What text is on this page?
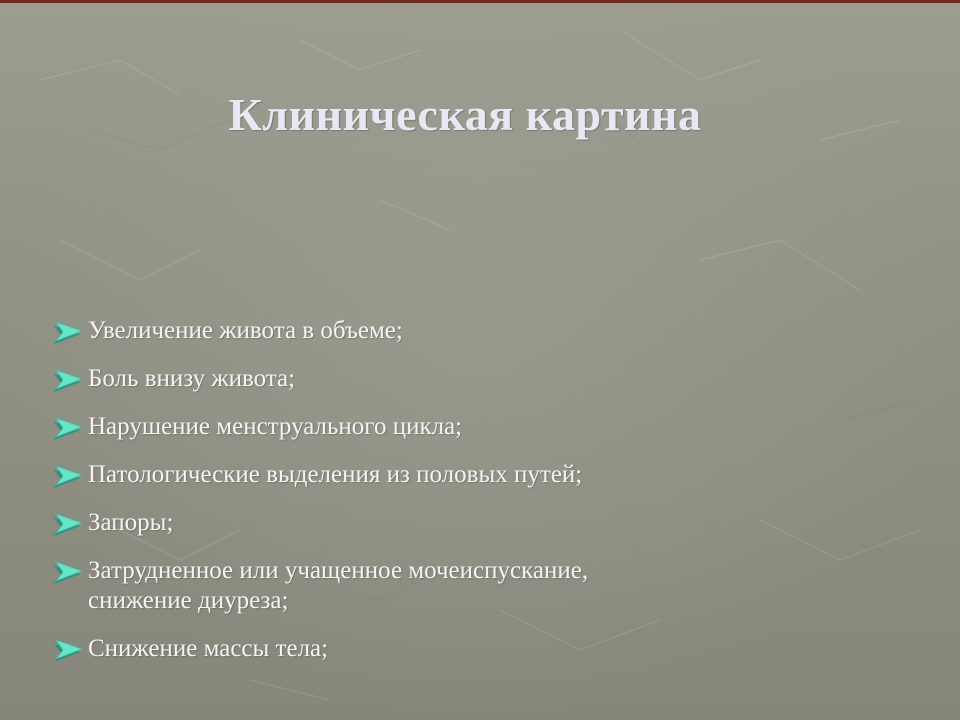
Клиническая картина
Увеличение живота в объеме;
Боль внизу живота;
Нарушение менструального цикла;
Патологические выделения из половых путей;
Запоры;
Затрудненное или учащенное мочеиспускание,
снижение диуреза;
Снижение массы тела;
